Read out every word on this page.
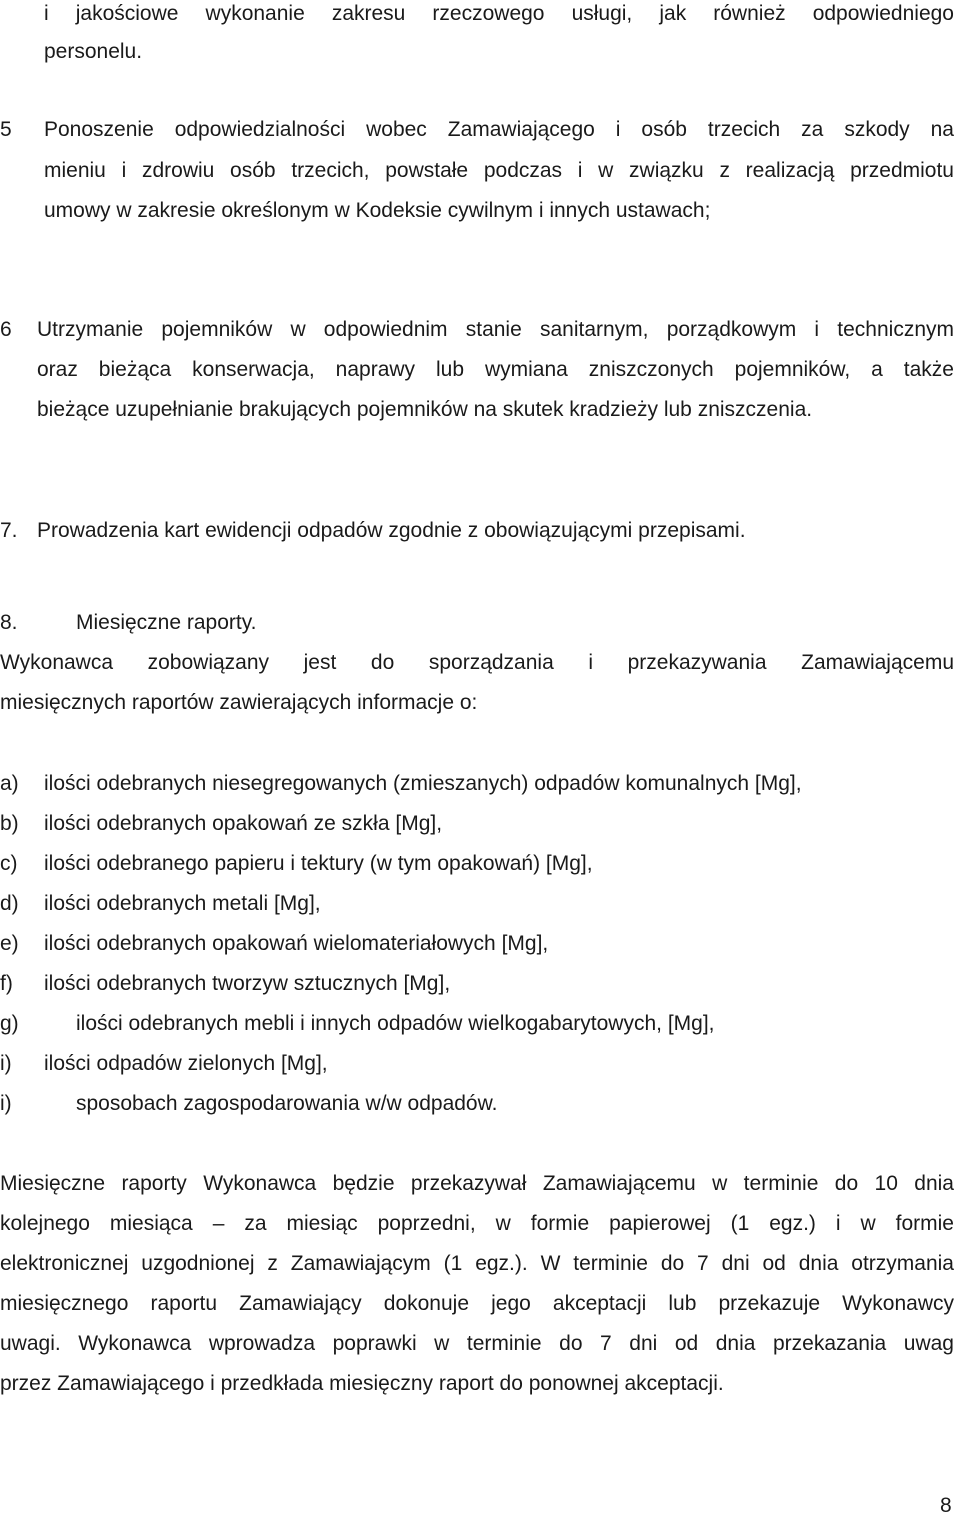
i jakościowe wykonanie zakresu rzeczowego usługi, jak również odpowiedniego
personelu.
5 Ponoszenie odpowiedzialności wobec Zamawiającego i osób trzecich za szkody na
mieniu i zdrowiu osób trzecich, powstałe podczas i w związku z realizacją przedmiotu
umowy w zakresie określonym w Kodeksie cywilnym i innych ustawach;
6 Utrzymanie pojemników w odpowiednim stanie sanitarnym, porządkowym i technicznym
oraz bieżąca konserwacja, naprawy lub wymiana zniszczonych pojemników, a także
bieżące uzupełnianie brakujących pojemników na skutek kradzieży lub zniszczenia.
7. Prowadzenia kart ewidencji odpadów zgodnie z obowiązującymi przepisami.
8.	Miesięczne raporty.
Wykonawca zobowiązany jest do sporządzania i przekazywania Zamawiającemu
miesięcznych raportów zawierających informacje o:
a) ilości odebranych niesegregowanych (zmieszanych) odpadów komunalnych [Mg],
b) ilości odebranych opakowań ze szkła [Mg],
c) ilości odebranego papieru i tektury (w tym opakowań) [Mg],
d) ilości odebranych metali [Mg],
e) ilości odebranych opakowań wielomateriałowych [Mg],
f) ilości odebranych tworzyw sztucznych [Mg],
g)	ilości odebranych mebli i innych odpadów wielkogabarytowych, [Mg],
i) ilości odpadów zielonych [Mg],
i)	sposobach zagospodarowania w/w odpadów.
Miesięczne raporty Wykonawca będzie przekazywał Zamawiającemu w terminie do 10 dnia
kolejnego miesiąca – za miesiąc poprzedni, w formie papierowej (1 egz.) i w formie
elektronicznej uzgodnionej z Zamawiającym (1 egz.). W terminie do 7 dni od dnia otrzymania
miesięcznego raportu Zamawiający dokonuje jego akceptacji lub przekazuje Wykonawcy
uwagi. Wykonawca wprowadza poprawki w terminie do 7 dni od dnia przekazania uwag
przez Zamawiającego i przedkłada miesięczny raport do ponownej akceptacji.
8
